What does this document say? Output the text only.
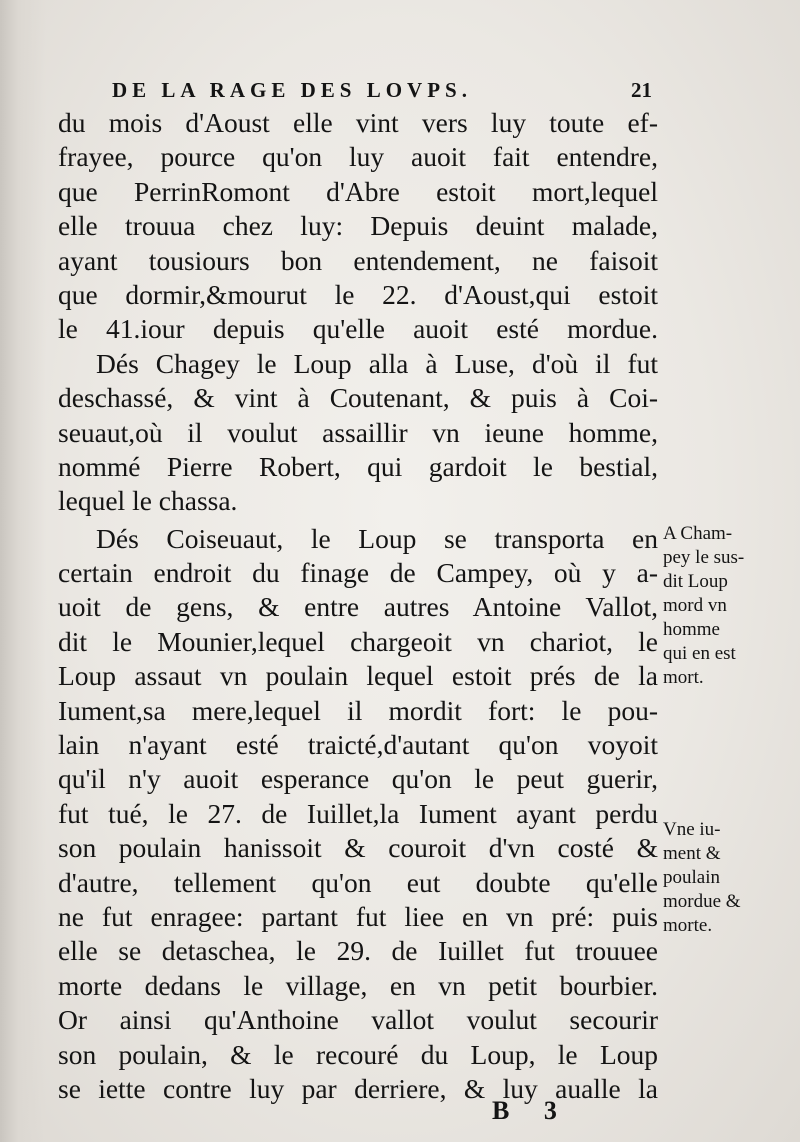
DE LA RAGE DES LOVPS.	21
du mois d'Aoust elle vint vers luy toute ef-
frayee, pource qu'on luy auoit fait entendre,
que PerrinRomont d'Abre estoit mort,lequel
elle trouua chez luy: Depuis deuint malade,
ayant tousiours bon entendement, ne faisoit
que dormir,&mourut le 22. d'Aoust,qui estoit
le 41.iour depuis qu'elle auoit esté mordue.
Dés Chagey le Loup alla à Luse, d'où il fut
deschassé, & vint à Coutenant, & puis à Coi-
seuaut,où il voulut assaillir vn ieune homme,
nommé Pierre Robert, qui gardoit le bestial,
lequel le chassa.
Dés Coiseuaut, le Loup se transporta en
certain endroit du finage de Campey, où y a-
uoit de gens, & entre autres Antoine Vallot,
dit le Mounier,lequel chargeoit vn chariot, le
Loup assaut vn poulain lequel estoit prés de la
Iument,sa mere,lequel il mordit fort: le pou-
lain n'ayant esté traicté,d'autant qu'on voyoit
qu'il n'y auoit esperance qu'on le peut guerir,
fut tué, le 27. de Iuillet,la Iument ayant perdu
son poulain hanissoit & couroit d'vn costé &
d'autre, tellement qu'on eut doubte qu'elle
ne fut enragee: partant fut liee en vn pré: puis
elle se detaschea, le 29. de Iuillet fut trouuee
morte dedans le village, en vn petit bourbier.
Or ainsi qu'Anthoine vallot voulut secourir
son poulain, & le recouré du Loup, le Loup
se iette contre luy par derriere, & luy aualle la
A Cham-
pey le sus-
dit Loup
mord vn
homme
qui en est
mort.
Vne iu-
ment &
poulain
mordue &
morte.
B 3
